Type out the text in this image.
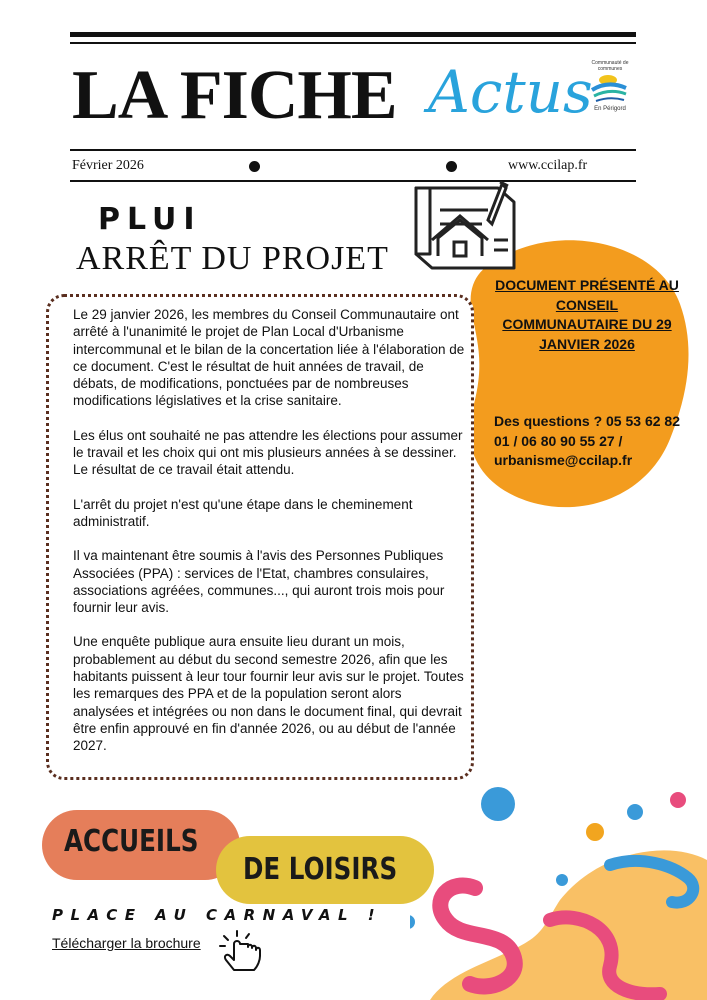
LA FICHE Actus
Communauté de communes
En Périgord
Février 2026	www.ccilap.fr
PLUI
ARRÊT DU PROJET
DOCUMENT PRÉSENTÉ AU CONSEIL COMMUNAUTAIRE DU 29 JANVIER 2026
Des questions ? 05 53 62 82 01 / 06 80 90 55 27 / urbanisme@ccilap.fr

Le 29 janvier 2026, les membres du Conseil Communautaire ont arrêté à l'unanimité le projet de Plan Local d'Urbanisme intercommunal et le bilan de la concertation liée à l'élaboration de ce document. C'est le résultat de huit années de travail, de débats, de modifications, ponctuées par de nombreuses modifications législatives et la crise sanitaire.

Les élus ont souhaité ne pas attendre les élections pour assumer le travail et les choix qui ont mis plusieurs années à se dessiner. Le résultat de ce travail était attendu.

L'arrêt du projet n'est qu'une étape dans le cheminement administratif.

Il va maintenant être soumis à l'avis des Personnes Publiques Associées (PPA) : services de l'Etat, chambres consulaires, associations agréées, communes..., qui auront trois mois pour fournir leur avis.

Une enquête publique aura ensuite lieu durant un mois, probablement au début du second semestre 2026, afin que les habitants puissent à leur tour fournir leur avis sur le projet. Toutes les remarques des PPA et de la population seront alors analysées et intégrées ou non dans le document final, qui devrait être enfin approuvé en fin d'année 2026, ou au début de l'année 2027.

ACCUEILS
DE LOISIRS
PLACE AU CARNAVAL !
Télécharger la brochure
